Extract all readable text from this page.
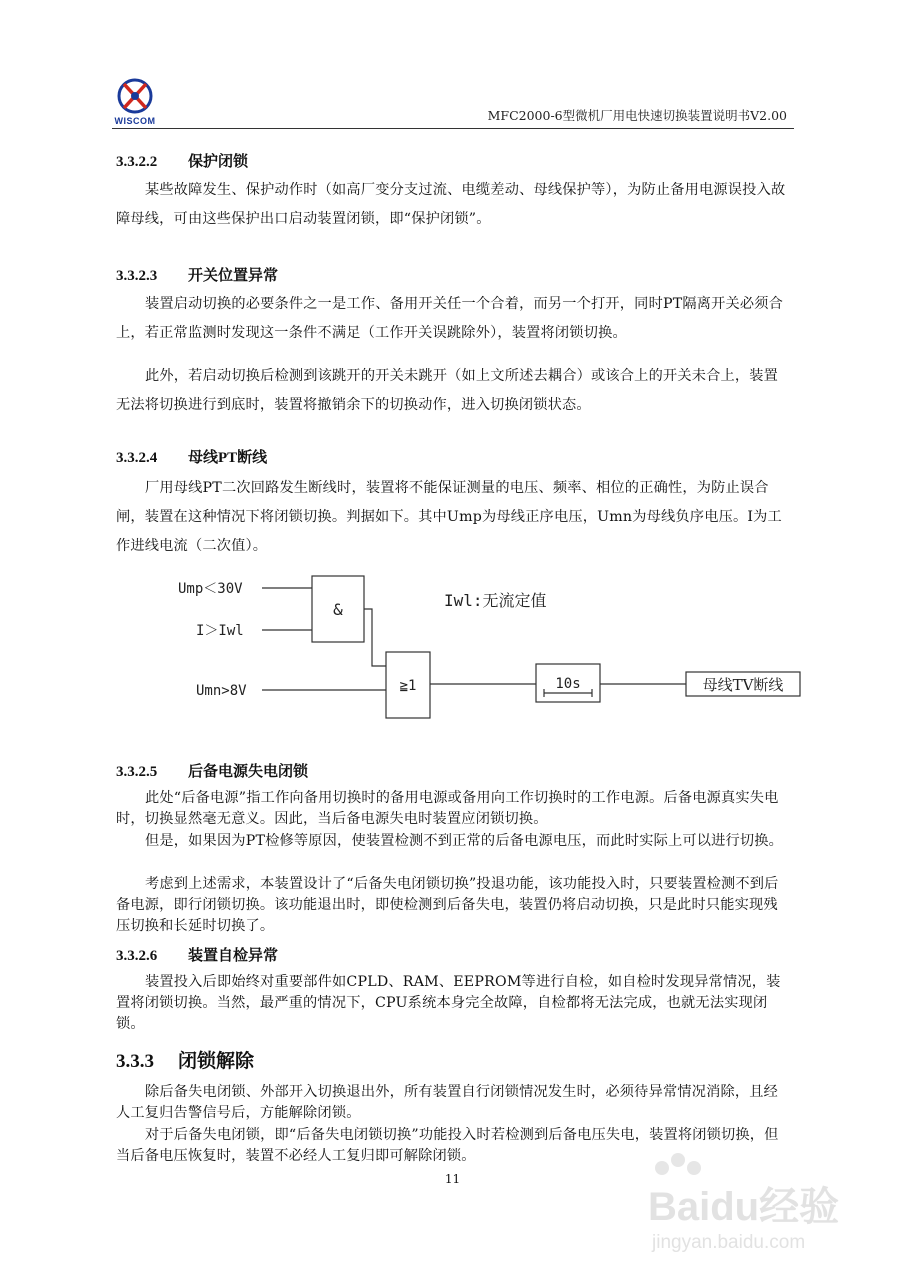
WISCOM	MFC2000-6型微机厂用电快速切换装置说明书V2.00
3.3.2.2 保护闭锁
某些故障发生、保护动作时（如高厂变分支过流、电缆差动、母线保护等），为防止备用电源误投入故障母线，可由这些保护出口启动装置闭锁，即“保护闭锁”。
3.3.2.3 开关位置异常
装置启动切换的必要条件之一是工作、备用开关任一个合着，而另一个打开，同时PT隔离开关必须合上，若正常监测时发现这一条件不满足（工作开关误跳除外），装置将闭锁切换。
此外，若启动切换后检测到该跳开的开关未跳开（如上文所述去耦合）或该合上的开关未合上，装置无法将切换进行到底时，装置将撤销余下的切换动作，进入切换闭锁状态。
3.3.2.4 母线PT断线
厂用母线PT二次回路发生断线时，装置将不能保证测量的电压、频率、相位的正确性，为防止误合闸，装置在这种情况下将闭锁切换。判据如下。其中Ump为母线正序电压，Umn为母线负序电压。I为工作进线电流（二次值）。
Ump＜30V
I＞Iwl
Umn>8V
&
≧1	10s
Iwl:无流定值
母线TV断线
3.3.2.5 后备电源失电闭锁
此处“后备电源”指工作向备用切换时的备用电源或备用向工作切换时的工作电源。后备电源真实失电时，切换显然毫无意义。因此，当后备电源失电时装置应闭锁切换。
但是，如果因为PT检修等原因，使装置检测不到正常的后备电源电压，而此时实际上可以进行切换。
考虑到上述需求，本装置设计了“后备失电闭锁切换”投退功能，该功能投入时，只要装置检测不到后备电源，即行闭锁切换。该功能退出时，即使检测到后备失电，装置仍将启动切换，只是此时只能实现残压切换和长延时切换了。
3.3.2.6 装置自检异常
装置投入后即始终对重要部件如CPLD、RAM、EEPROM等进行自检，如自检时发现异常情况，装置将闭锁切换。当然，最严重的情况下，CPU系统本身完全故障，自检都将无法完成，也就无法实现闭锁。
3.3.3 闭锁解除
除后备失电闭锁、外部开入切换退出外，所有装置自行闭锁情况发生时，必须待异常情况消除，且经人工复归告警信号后，方能解除闭锁。
对于后备失电闭锁，即“后备失电闭锁切换”功能投入时若检测到后备电压失电，装置将闭锁切换，但当后备电压恢复时，装置不必经人工复归即可解除闭锁。
11
Baidu经验
jingyan.baidu.com
